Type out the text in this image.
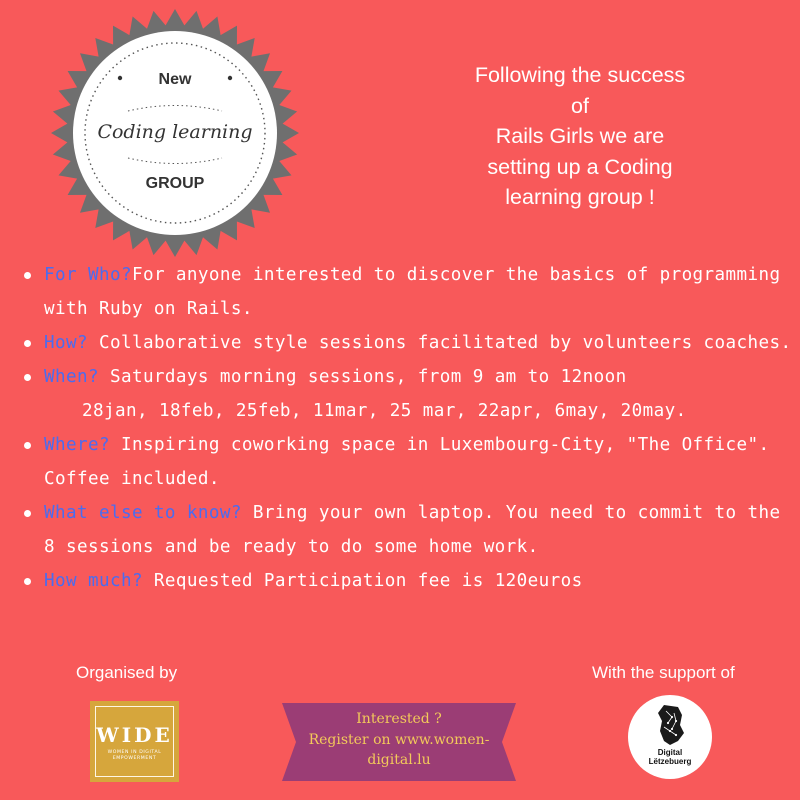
New
Coding learning
GROUP
Following the success
of
Rails Girls we are
setting up a Coding
learning group !
For Who?For anyone interested to discover the basics of programming with Ruby on Rails.
How? Collaborative style sessions facilitated by volunteers coaches.
When? Saturdays morning sessions, from 9 am to 12noon
28jan, 18feb, 25feb, 11mar, 25 mar, 22apr, 6may, 20may.
Where? Inspiring coworking space in Luxembourg-City, "The Office". Coffee included.
What else to know? Bring your own laptop. You need to commit to the 8 sessions and be ready to do some home work.
How much? Requested Participation fee is 120euros
Organised by	With the support of
WIDE
WOMEN IN DIGITAL EMPOWERMENT
Interested ?
Register on www.women-
digital.lu	Digital
Lëtzebuerg
